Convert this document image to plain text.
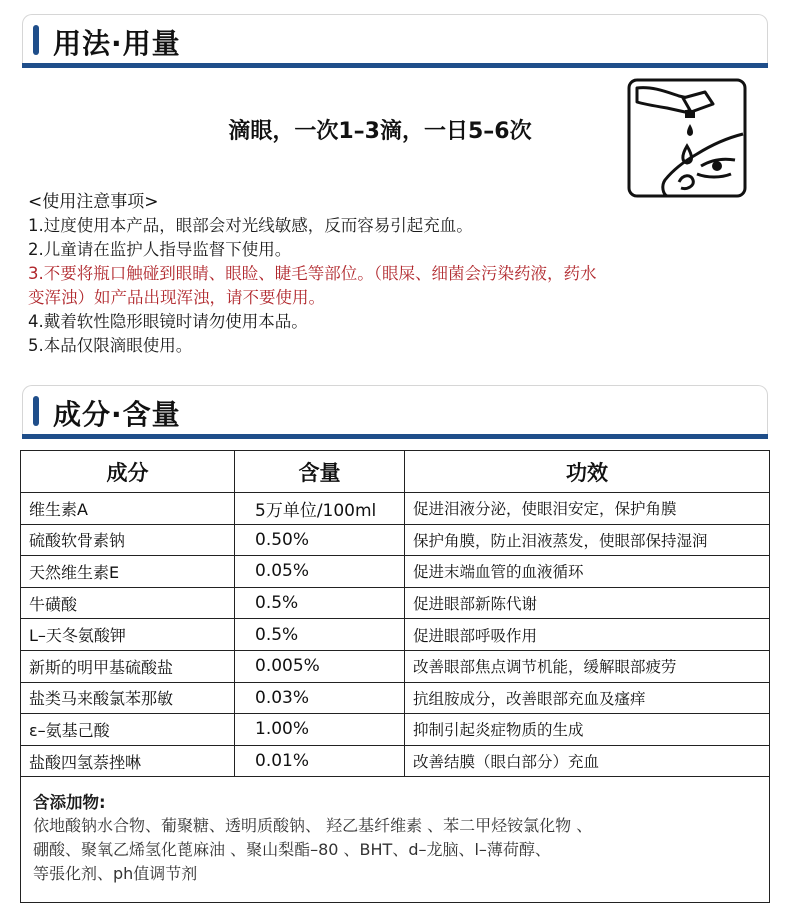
用法·用量
滴眼，一次1–3滴，一日5–6次
<使用注意事项>
1.过度使用本产品，眼部会对光线敏感，反而容易引起充血。
2.儿童请在监护人指导监督下使用。
3.不要将瓶口触碰到眼睛、眼睑、睫毛等部位。（眼屎、细菌会污染药液，药水
变浑浊）如产品出现浑浊，请不要使用。
4.戴着软性隐形眼镜时请勿使用本品。
5.本品仅限滴眼使用。
成分·含量
成分	含量	功效
维生素A	5万单位/100ml	促进泪液分泌，使眼泪安定，保护角膜
硫酸软骨素钠	0.50%	保护角膜，防止泪液蒸发，使眼部保持湿润
天然维生素E	0.05%	促进末端血管的血液循环
牛磺酸	0.5%	促进眼部新陈代谢
L–天冬氨酸钾	0.5%	促进眼部呼吸作用
新斯的明甲基硫酸盐	0.005%	改善眼部焦点调节机能，缓解眼部疲劳
盐类马来酸氯苯那敏	0.03%	抗组胺成分，改善眼部充血及瘙痒
ε–氨基己酸	1.00%	抑制引起炎症物质的生成
盐酸四氢萘挫啉	0.01%	改善结膜（眼白部分）充血
含添加物:
依地酸钠水合物、葡聚糖、透明质酸钠、 羟乙基纤维素 、苯二甲烃铵氯化物 、
硼酸、聚氧乙烯氢化蓖麻油 、聚山梨酯–80 、BHT、d–龙脑、l–薄荷醇、
等張化剂、ph值调节剂
